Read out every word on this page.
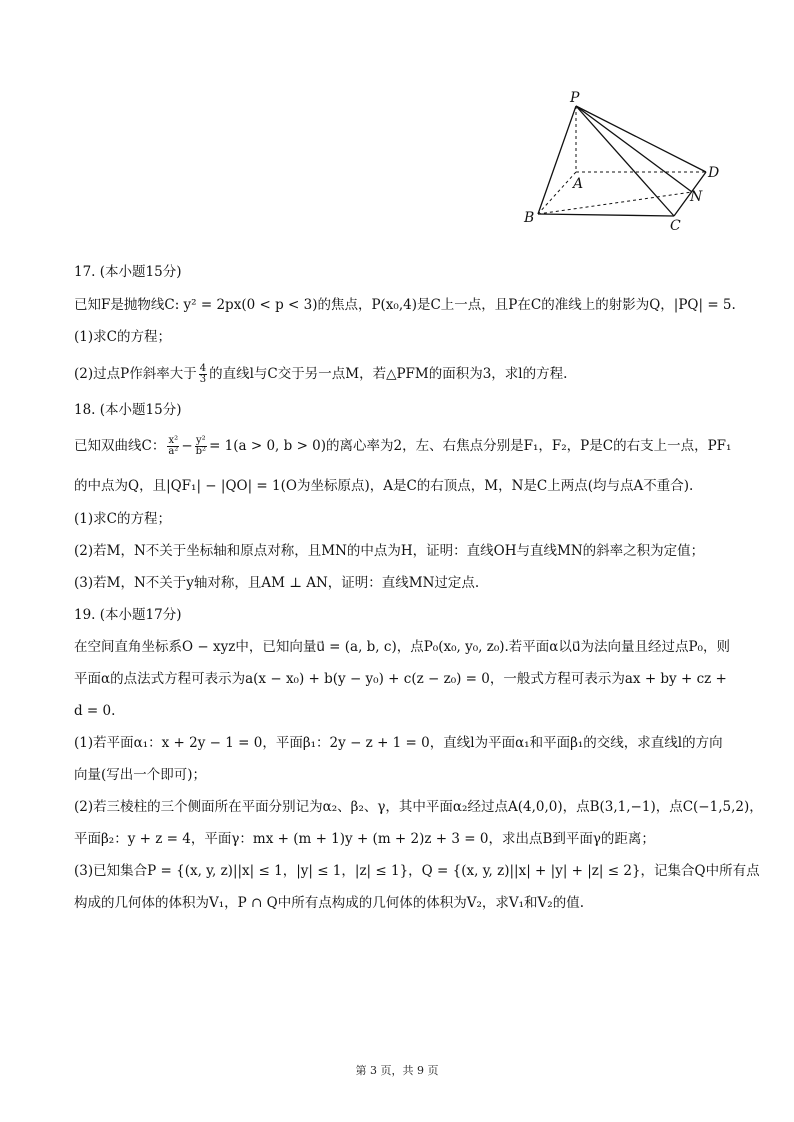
P
A
B	C
D
N
17. (本小题15分)
已知F是抛物线C: y² = 2px(0 < p < 3)的焦点，P(x₀,4)是C上一点，且P在C的准线上的射影为Q，|PQ| = 5.
(1)求C的方程；
(2)过点P作斜率大于 $\frac{4}{3}$ 的直线l与C交于另一点M，若△PFM的面积为3，求l的方程.
18. (本小题15分)
已知双曲线C： $\frac{\text{x²}}{\text{a²}} - \frac{\text{y²}}{\text{b²}} = 1(a > 0$, b > 0)的离心率为2，左、右焦点分别是F₁，F₂，P是C的右支上一点，PF₁
的中点为Q，且|QF₁| − |QO| = 1(O为坐标原点)，A是C的右顶点，M，N是C上两点(均与点A不重合).
(1)求C的方程；
(2)若M，N不关于坐标轴和原点对称，且MN的中点为H，证明：直线OH与直线MN的斜率之积为定值；
(3)若M，N不关于y轴对称，且AM ⊥ AN，证明：直线MN过定点.
19. (本小题17分)
在空间直角坐标系O − xyz中，已知向量u⃗ = (a, b, c)，点P₀(x₀, y₀, z₀).若平面α以u⃗为法向量且经过点P₀，则
平面α的点法式方程可表示为a(x − x₀) + b(y − y₀) + c(z − z₀) = 0，一般式方程可表示为ax + by + cz +
d = 0.
(1)若平面α₁：x + 2y − 1 = 0，平面β₁：2y − z + 1 = 0，直线l为平面α₁和平面β₁的交线，求直线l的方向
向量(写出一个即可)；
(2)若三棱柱的三个侧面所在平面分别记为α₂、β₂、γ，其中平面α₂经过点A(4,0,0)，点B(3,1,−1)，点C(−1,5,2)，
平面β₂：y + z = 4，平面γ：mx + (m + 1)y + (m + 2)z + 3 = 0，求出点B到平面γ的距离；
(3)已知集合P = {(x, y, z)||x| ≤ 1，|y| ≤ 1，|z| ≤ 1}，Q = {(x, y, z)||x| + |y| + |z| ≤ 2}，记集合Q中所有点
构成的几何体的体积为V₁，P ∩ Q中所有点构成的几何体的体积为V₂，求V₁和V₂的值.
第 3 页，共 9 页
